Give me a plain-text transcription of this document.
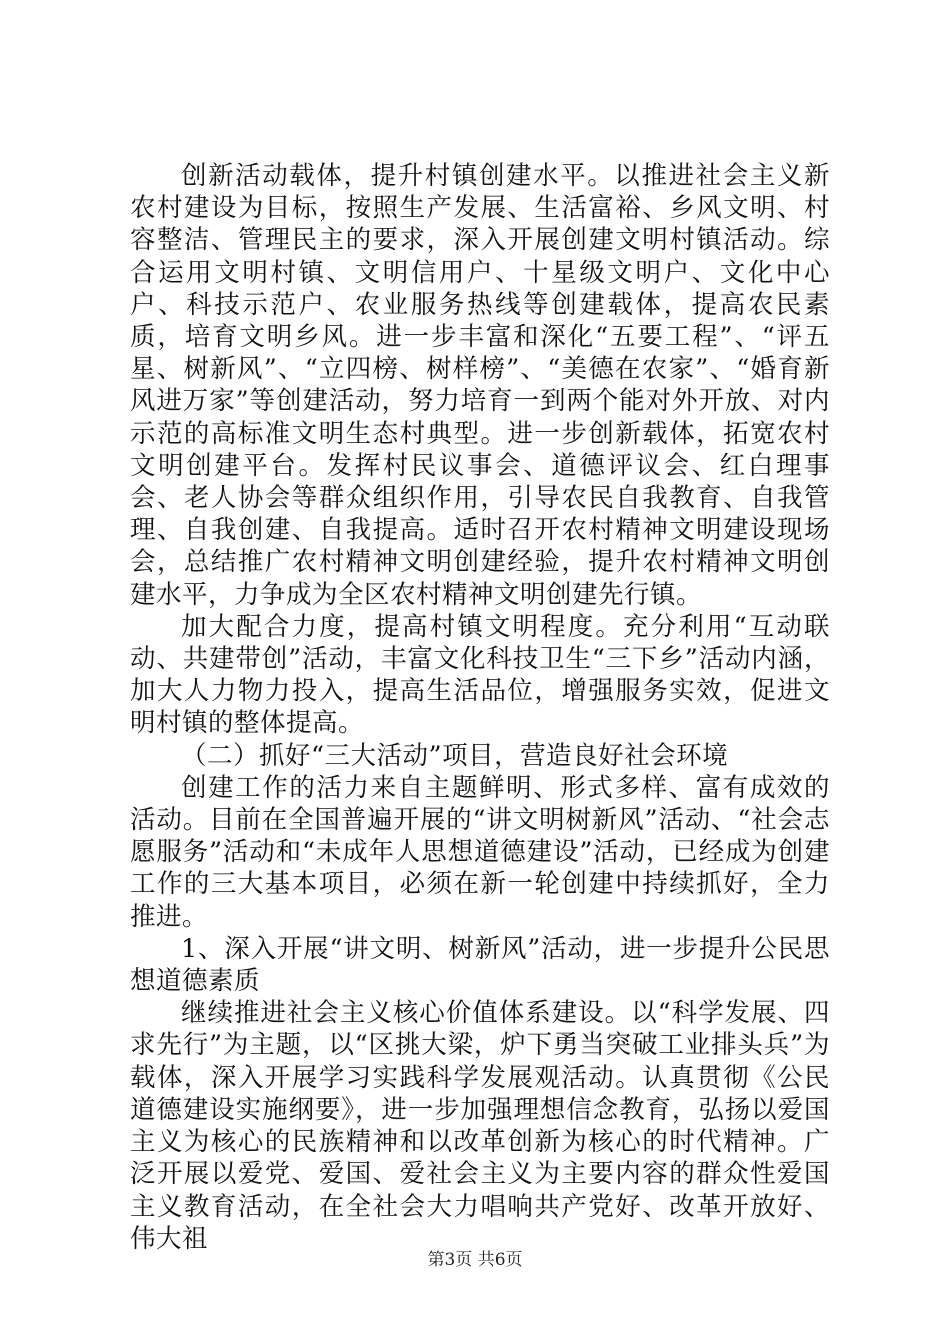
创新活动载体，提升村镇创建水平。以推进社会主义新农村建设为目标，按照生产发展、生活富裕、乡风文明、村容整洁、管理民主的要求，深入开展创建文明村镇活动。综合运用文明村镇、文明信用户、十星级文明户、文化中心户、科技示范户、农业服务热线等创建载体，提高农民素质，培育文明乡风。进一步丰富和深化“五要工程”、“评五星、树新风”、“立四榜、树样榜”、“美德在农家”、“婚育新风进万家”等创建活动，努力培育一到两个能对外开放、对内示范的高标准文明生态村典型。进一步创新载体，拓宽农村文明创建平台。发挥村民议事会、道德评议会、红白理事会、老人协会等群众组织作用，引导农民自我教育、自我管理、自我创建、自我提高。适时召开农村精神文明建设现场会，总结推广农村精神文明创建经验，提升农村精神文明创建水平，力争成为全区农村精神文明创建先行镇。

加大配合力度，提高村镇文明程度。充分利用“互动联动、共建带创”活动，丰富文化科技卫生“三下乡”活动内涵，加大人力物力投入，提高生活品位，增强服务实效，促进文明村镇的整体提高。

（二）抓好“三大活动”项目，营造良好社会环境

创建工作的活力来自主题鲜明、形式多样、富有成效的活动。目前在全国普遍开展的“讲文明树新风”活动、“社会志愿服务”活动和“未成年人思想道德建设”活动，已经成为创建工作的三大基本项目，必须在新一轮创建中持续抓好，全力推进。

1、深入开展“讲文明、树新风”活动，进一步提升公民思想道德素质

继续推进社会主义核心价值体系建设。以“科学发展、四求先行”为主题，以“区挑大梁，炉下勇当突破工业排头兵”为载体，深入开展学习实践科学发展观活动。认真贯彻《公民道德建设实施纲要》，进一步加强理想信念教育，弘扬以爱国主义为核心的民族精神和以改革创新为核心的时代精神。广泛开展以爱党、爱国、爱社会主义为主要内容的群众性爱国主义教育活动，在全社会大力唱响共产党好、改革开放好、伟大祖

第3页 共6页
